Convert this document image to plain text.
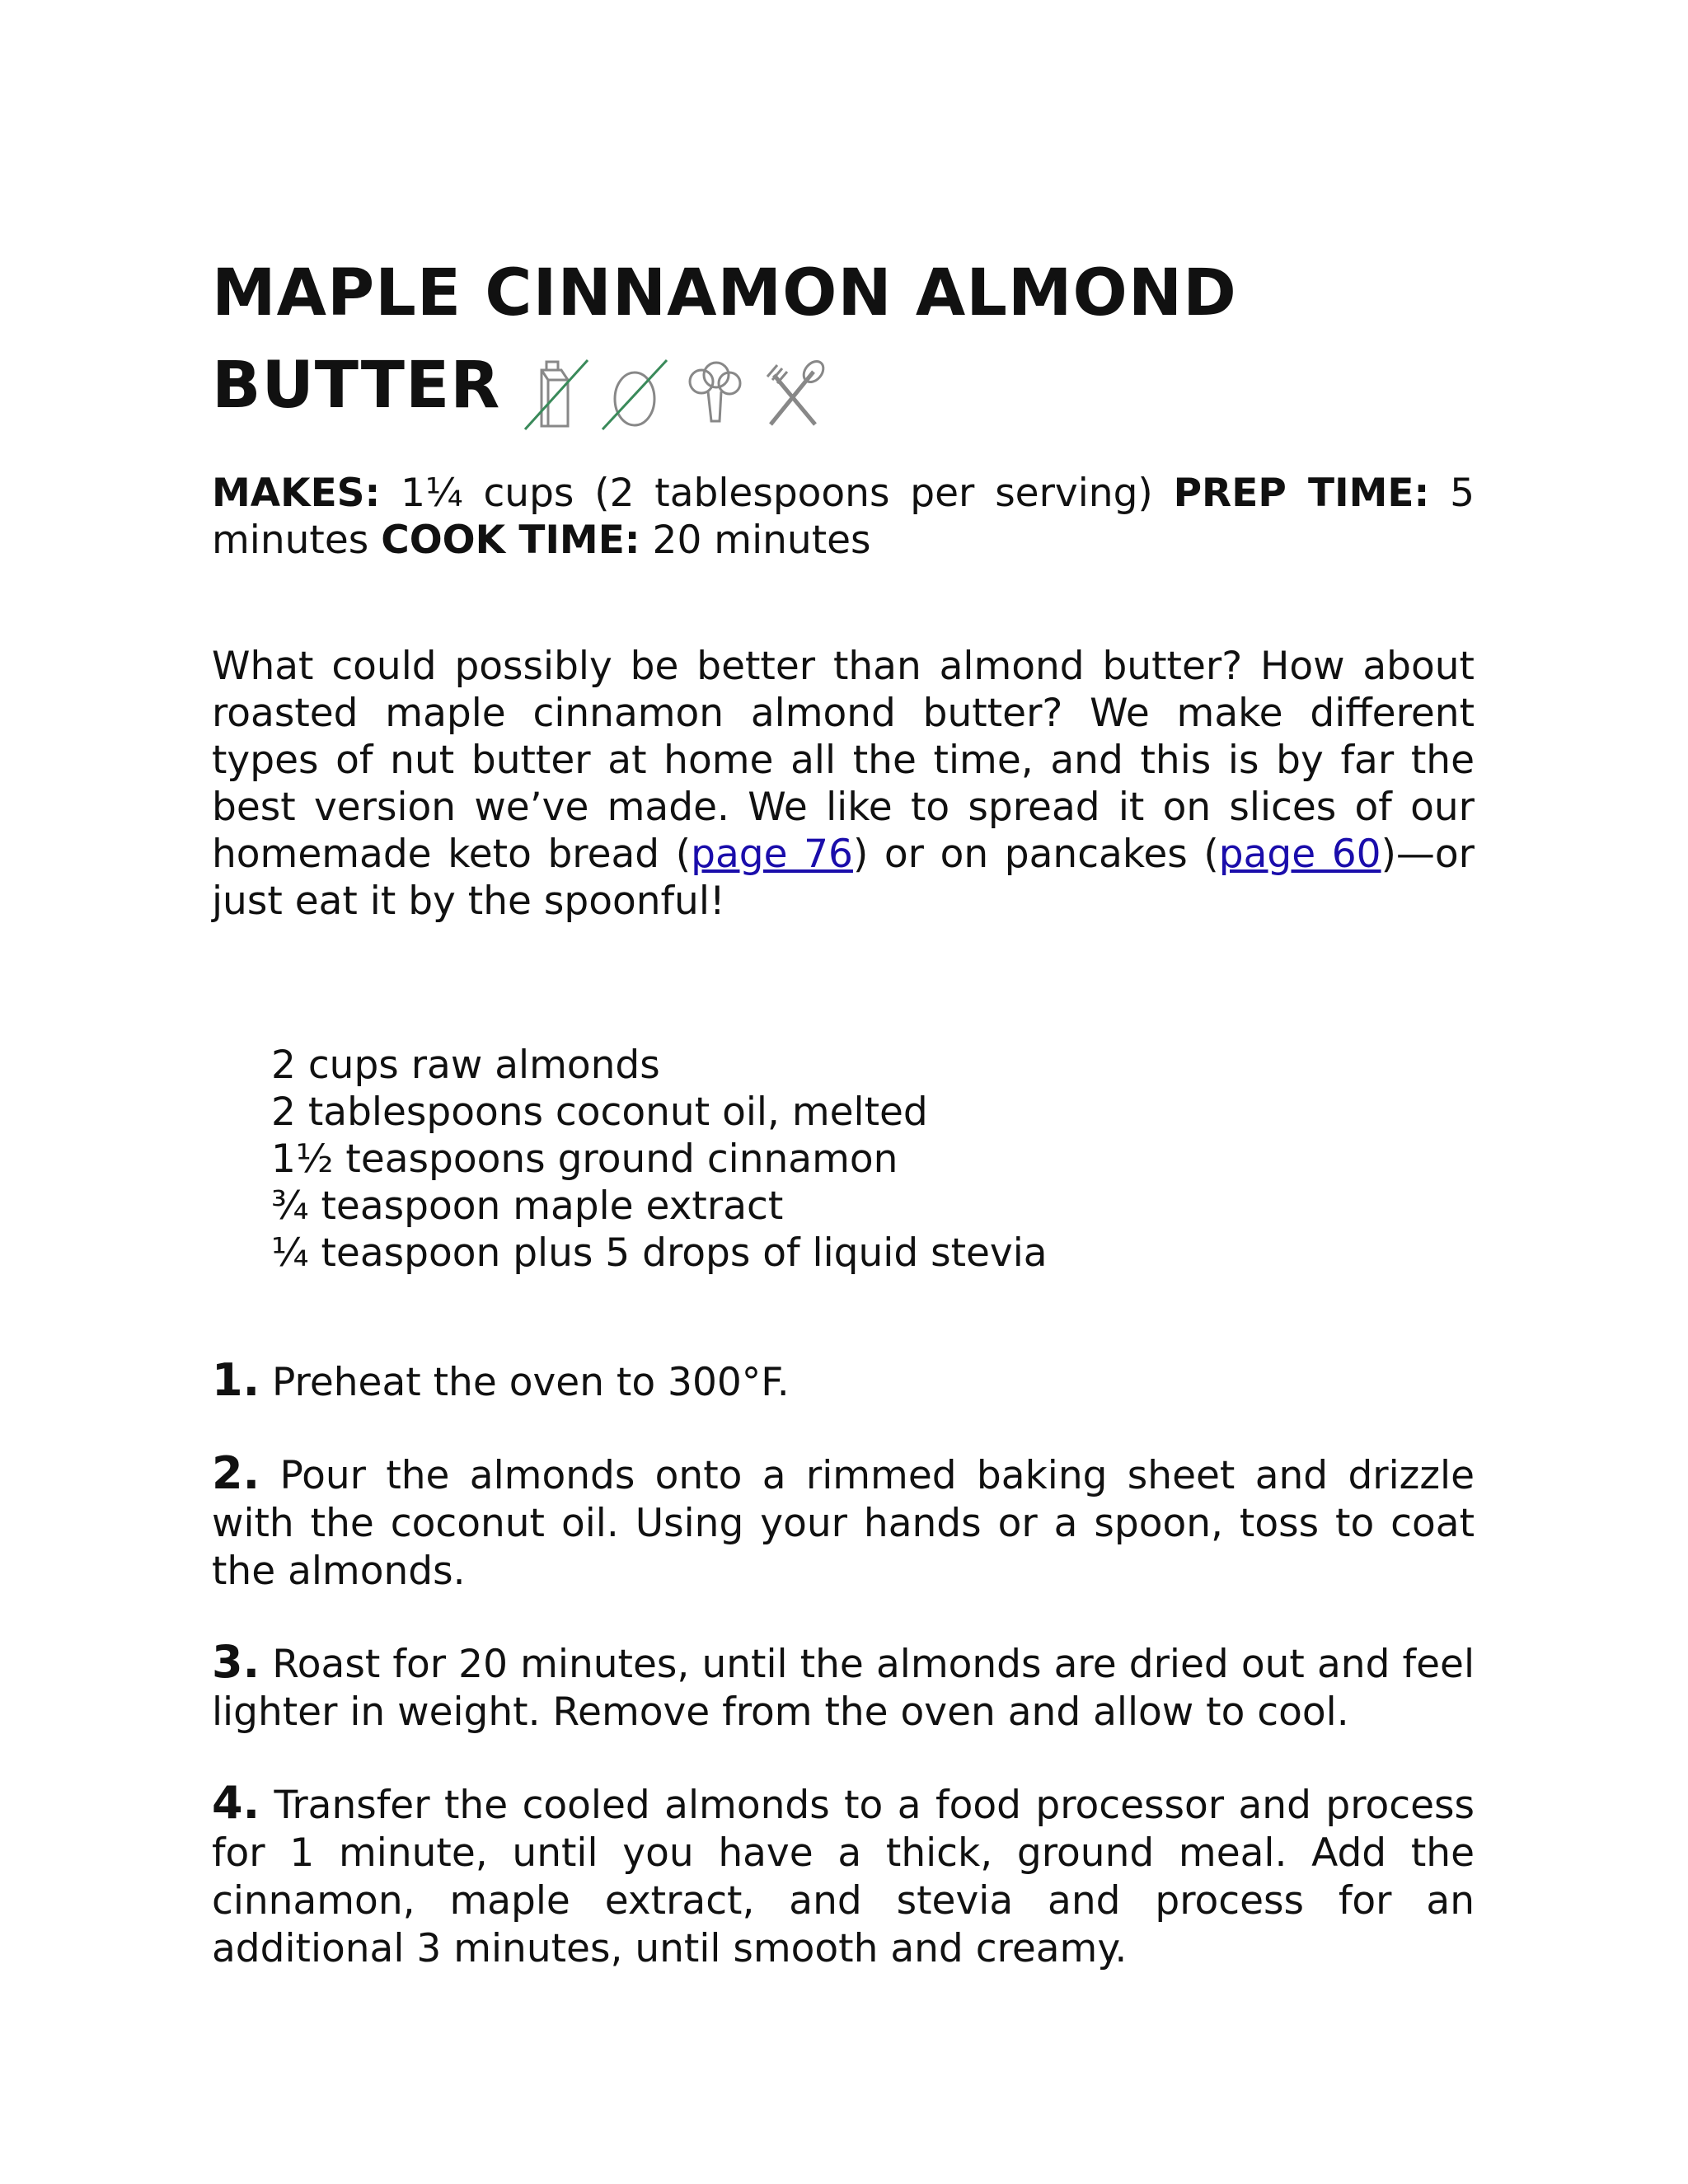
MAPLE CINNAMON ALMOND
BUTTER

MAKES: 1¼ cups (2 tablespoons per serving) PREP TIME: 5 minutes COOK TIME: 20 minutes

What could possibly be better than almond butter? How about roasted maple cinnamon almond butter? We make different types of nut butter at home all the time, and this is by far the best version we’ve made. We like to spread it on slices of our homemade keto bread (page 76) or on pancakes (page 60)—or just eat it by the spoonful!

2 cups raw almonds
2 tablespoons coconut oil, melted
1½ teaspoons ground cinnamon
¾ teaspoon maple extract
¼ teaspoon plus 5 drops of liquid stevia

1. Preheat the oven to 300°F.

2. Pour the almonds onto a rimmed baking sheet and drizzle with the coconut oil. Using your hands or a spoon, toss to coat the almonds.

3. Roast for 20 minutes, until the almonds are dried out and feel lighter in weight. Remove from the oven and allow to cool.

4. Transfer the cooled almonds to a food processor and process for 1 minute, until you have a thick, ground meal. Add the cinnamon, maple extract, and stevia and process for an additional 3 minutes, until smooth and creamy.
